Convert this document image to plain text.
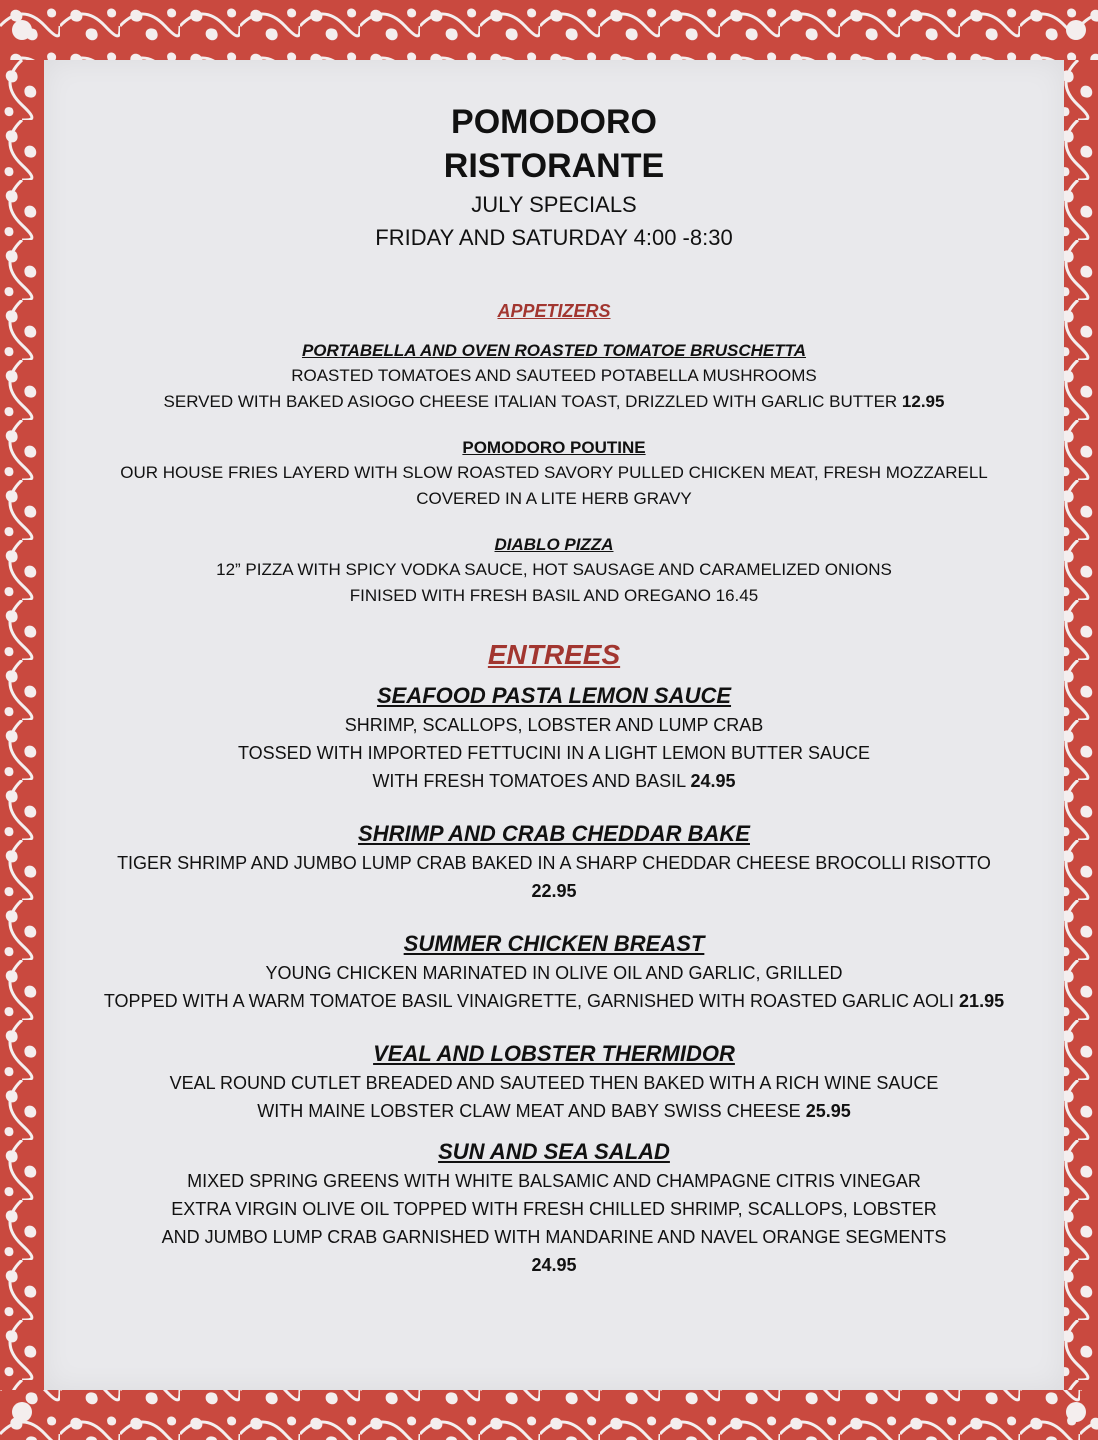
POMODORO
RISTORANTE
JULY SPECIALS
FRIDAY AND SATURDAY 4:00 -8:30
APPETIZERS
PORTABELLA AND OVEN ROASTED TOMATOE BRUSCHETTA
ROASTED TOMATOES AND SAUTEED POTABELLA MUSHROOMS
SERVED WITH BAKED ASIOGO CHEESE ITALIAN TOAST, DRIZZLED WITH GARLIC BUTTER 12.95
POMODORO POUTINE
OUR HOUSE FRIES LAYERD WITH SLOW ROASTED SAVORY PULLED CHICKEN MEAT, FRESH MOZZARELL
COVERED IN A LITE HERB GRAVY
DIABLO PIZZA
12” PIZZA WITH SPICY VODKA SAUCE, HOT SAUSAGE AND CARAMELIZED ONIONS
FINISED WITH FRESH BASIL AND OREGANO 16.45
ENTREES
SEAFOOD PASTA LEMON SAUCE
SHRIMP, SCALLOPS, LOBSTER AND LUMP CRAB
TOSSED WITH IMPORTED FETTUCINI IN A LIGHT LEMON BUTTER SAUCE
WITH FRESH TOMATOES AND BASIL 24.95
SHRIMP AND CRAB CHEDDAR BAKE
TIGER SHRIMP AND JUMBO LUMP CRAB BAKED IN A SHARP CHEDDAR CHEESE BROCOLLI RISOTTO
22.95
SUMMER CHICKEN BREAST
YOUNG CHICKEN MARINATED IN OLIVE OIL AND GARLIC, GRILLED
TOPPED WITH A WARM TOMATOE BASIL VINAIGRETTE, GARNISHED WITH ROASTED GARLIC AOLI 21.95
VEAL AND LOBSTER THERMIDOR
VEAL ROUND CUTLET BREADED AND SAUTEED THEN BAKED WITH A RICH WINE SAUCE
WITH MAINE LOBSTER CLAW MEAT AND BABY SWISS CHEESE 25.95
SUN AND SEA SALAD
MIXED SPRING GREENS WITH WHITE BALSAMIC AND CHAMPAGNE CITRIS VINEGAR
EXTRA VIRGIN OLIVE OIL TOPPED WITH FRESH CHILLED SHRIMP, SCALLOPS, LOBSTER
AND JUMBO LUMP CRAB GARNISHED WITH MANDARINE AND NAVEL ORANGE SEGMENTS
24.95
